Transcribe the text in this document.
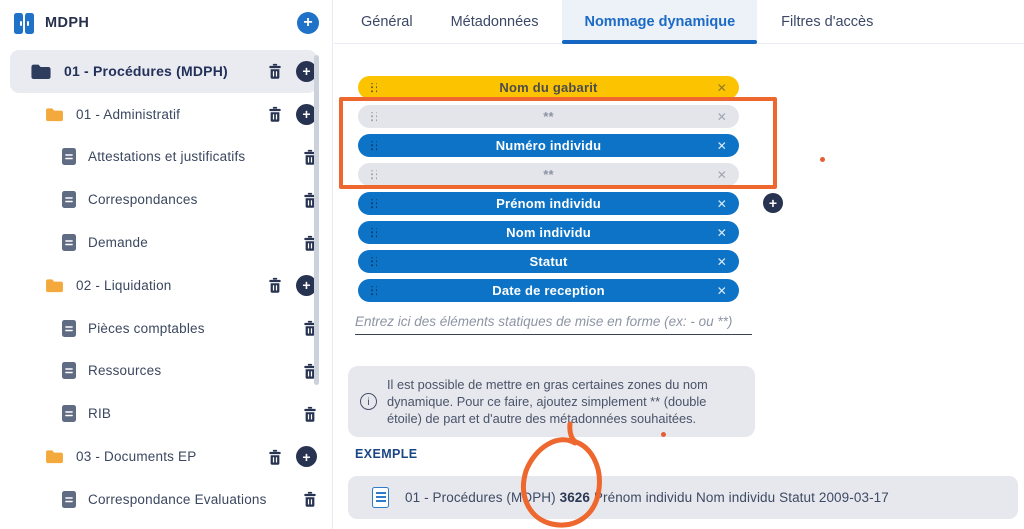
MDPH	+
01 - Procédures (MDPH)	+
01 - Administratif	+
Attestations et justificatifs
Correspondances
Demande
02 - Liquidation	+
Pièces comptables
Ressources
RIB
03 - Documents EP	+
Correspondance Evaluations
Général	Métadonnées	Nommage dynamique	Filtres d'accès
Nom du gabarit	✕
**	✕
Numéro individu	✕
**	✕
Prénom individu	✕
Nom individu	✕
Statut	✕
Date de reception	✕
+
Entrez ici des éléments statiques de mise en forme (ex: - ou **)
i
Il est possible de mettre en gras certaines zones du nom dynamique. Pour ce faire, ajoutez simplement ** (double étoile) de part et d'autre des métadonnées souhaitées.
EXEMPLE
01 - Procédures (MDPH) 3626 Prénom individu Nom individu Statut 2009-03-17
